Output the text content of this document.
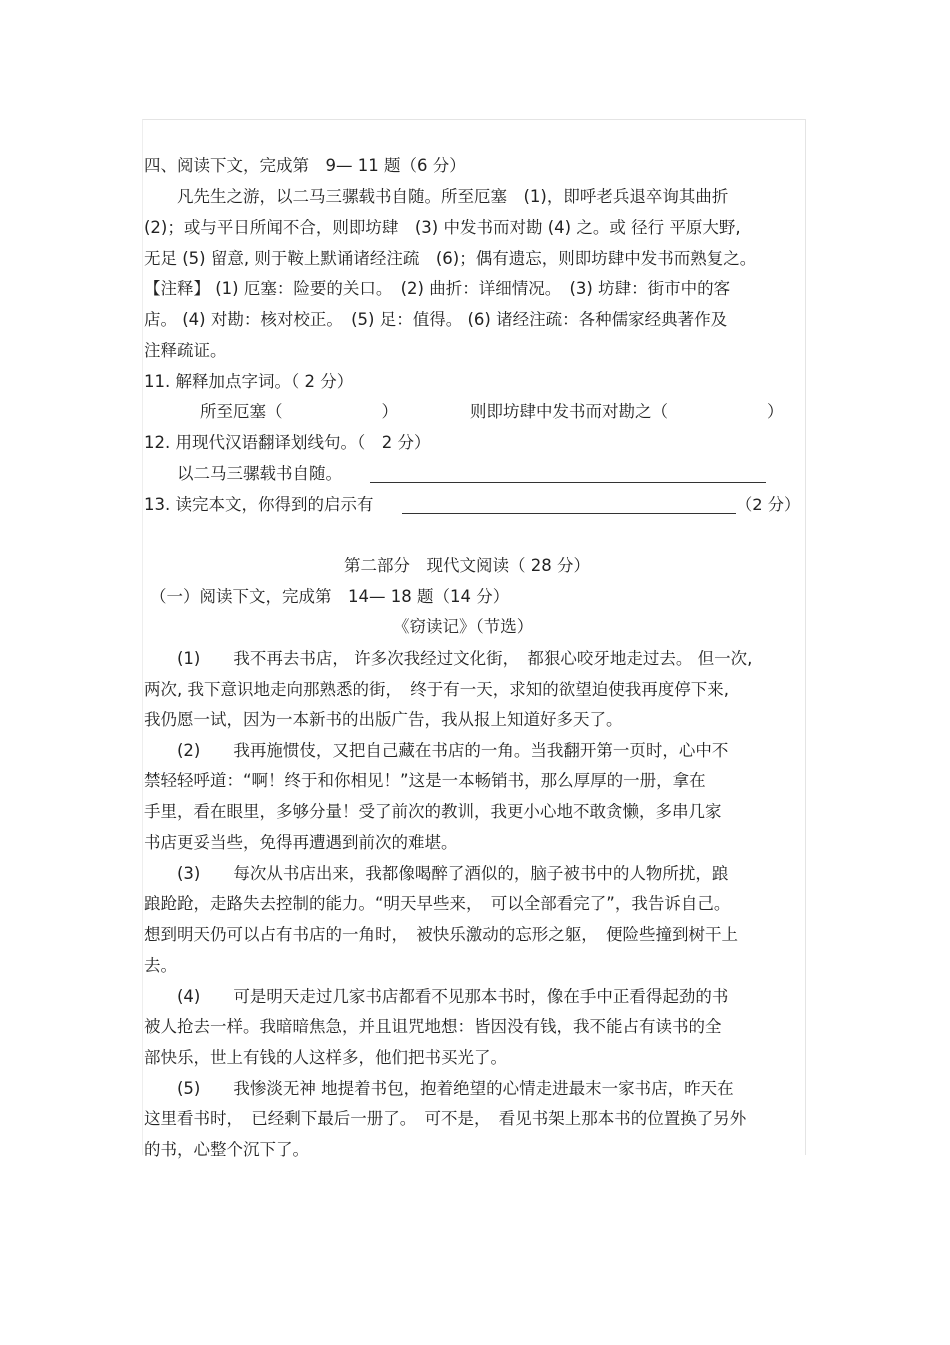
四、阅读下文，完成第　9— 11 题（6 分）
凡先生之游，以二马三骡载书自随。所至厄塞　(1)，即呼老兵退卒询其曲折
(2)；或与平日所闻不合，则即坊肆　(3) 中发书而对勘 (4) 之。或 径行 平原大野,
无足 (5) 留意, 则于鞍上默诵诸经注疏　(6)；偶有遗忘，则即坊肆中发书而熟复之。
【注释】 (1) 厄塞：险要的关口。　(2) 曲折：详细情况。　(3) 坊肆：街市中的客
店。 (4) 对勘：核对校正。　(5) 足：值得。 (6) 诸经注疏：各种儒家经典著作及
注释疏证。
11. 解释加点字词。（ 2 分）
所至厄塞（　　　　　　）	则即坊肆中发书而对勘之（　　　　　　）
12. 用现代汉语翻译划线句。（　2 分）
以二马三骡载书自随。
13. 读完本文，你得到的启示有	（2 分）
第二部分　现代文阅读（ 28 分）
（一）阅读下文，完成第　14— 18 题（14 分）
《窃读记》（节选）
(1)　　我不再去书店， 许多次我经过文化街，　都狠心咬牙地走过去。 但一次,
两次, 我下意识地走向那熟悉的街，　终于有一天，求知的欲望迫使我再度停下来,
我仍愿一试，因为一本新书的出版广告，我从报上知道好多天了。
(2)　　我再施惯伎，又把自己藏在书店的一角。当我翻开第一页时，心中不
禁轻轻呼道：“啊！终于和你相见！”这是一本畅销书，那么厚厚的一册，拿在
手里，看在眼里，多够分量！受了前次的教训，我更小心地不敢贪懒，多串几家
书店更妥当些，免得再遭遇到前次的难堪。
(3)　　每次从书店出来，我都像喝醉了酒似的，脑子被书中的人物所扰，踉
踉跄跄，走路失去控制的能力。“明天早些来，　可以全部看完了”，我告诉自己。
想到明天仍可以占有书店的一角时，　被快乐激动的忘形之躯，　便险些撞到树干上
去。
(4)　　可是明天走过几家书店都看不见那本书时，像在手中正看得起劲的书
被人抢去一样。我暗暗焦急，并且诅咒地想：皆因没有钱，我不能占有读书的全
部快乐，世上有钱的人这样多，他们把书买光了。
(5)　　我惨淡无神 地提着书包，抱着绝望的心情走进最末一家书店，昨天在
这里看书时，　已经剩下最后一册了。　可不是，　看见书架上那本书的位置换了另外
的书，心整个沉下了。
